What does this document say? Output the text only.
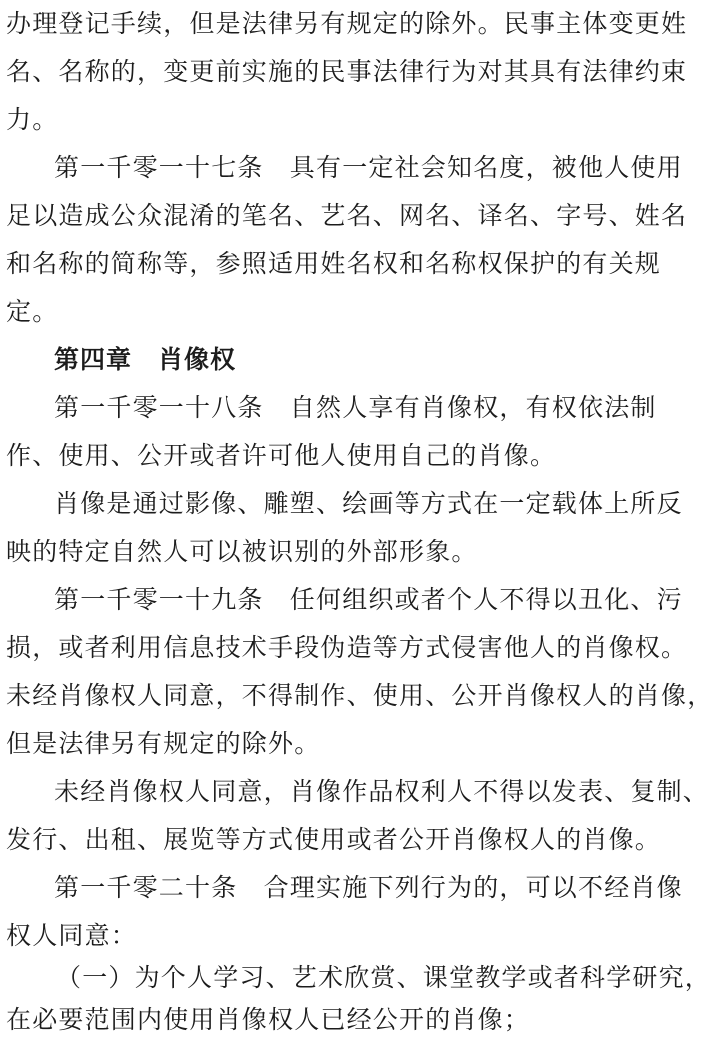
办理登记手续，但是法律另有规定的除外。民事主体变更姓
名、名称的，变更前实施的民事法律行为对其具有法律约束
力。
第一千零一十七条　具有一定社会知名度，被他人使用
足以造成公众混淆的笔名、艺名、网名、译名、字号、姓名
和名称的简称等，参照适用姓名权和名称权保护的有关规
定。
第四章　肖像权
第一千零一十八条　自然人享有肖像权，有权依法制
作、使用、公开或者许可他人使用自己的肖像。
肖像是通过影像、雕塑、绘画等方式在一定载体上所反
映的特定自然人可以被识别的外部形象。
第一千零一十九条　任何组织或者个人不得以丑化、污
损，或者利用信息技术手段伪造等方式侵害他人的肖像权。
未经肖像权人同意，不得制作、使用、公开肖像权人的肖像，
但是法律另有规定的除外。
未经肖像权人同意，肖像作品权利人不得以发表、复制、
发行、出租、展览等方式使用或者公开肖像权人的肖像。
第一千零二十条　合理实施下列行为的，可以不经肖像
权人同意：
（一）为个人学习、艺术欣赏、课堂教学或者科学研究，
在必要范围内使用肖像权人已经公开的肖像；
